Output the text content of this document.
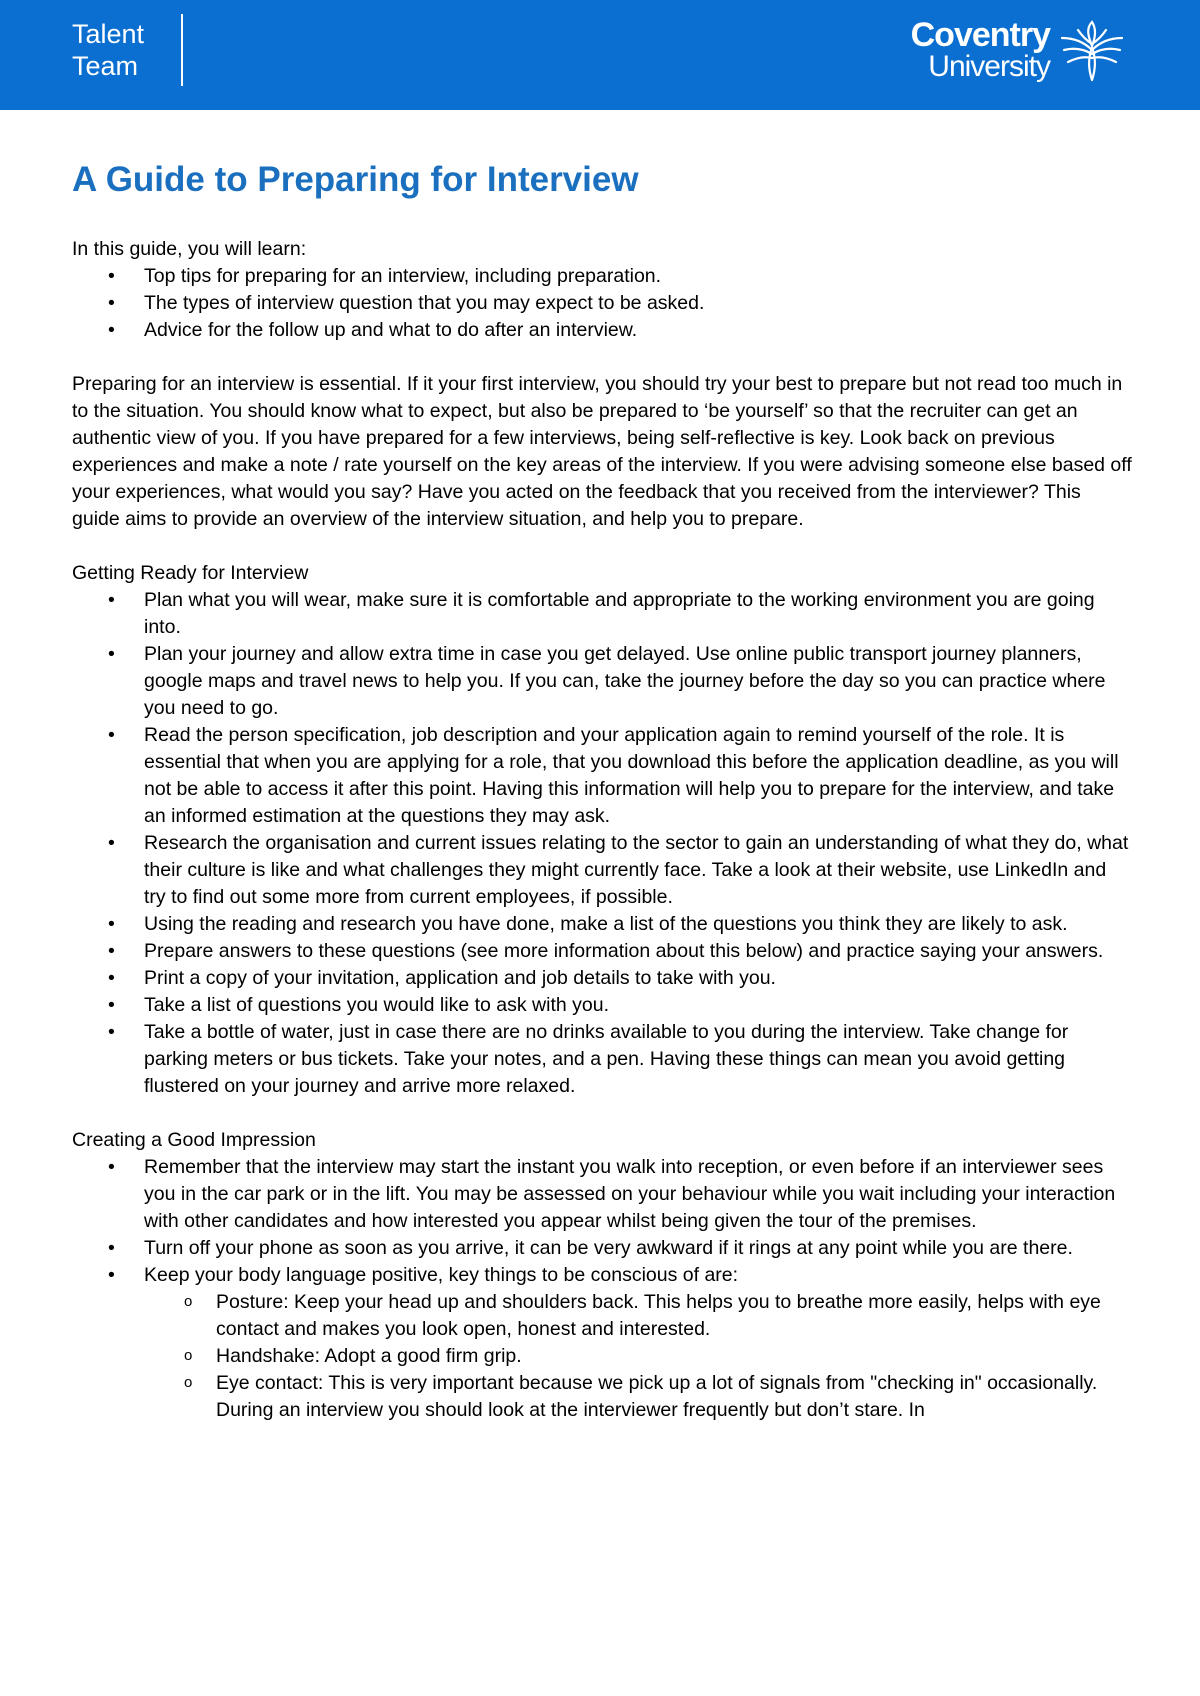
Talent
Team
Coventry
University
A Guide to Preparing for Interview

In this guide, you will learn:

• Top tips for preparing for an interview, including preparation.
• The types of interview question that you may expect to be asked.
• Advice for the follow up and what to do after an interview.

Preparing for an interview is essential. If it your first interview, you should try your best to prepare but not read too much in to the situation. You should know what to expect, but also be prepared to ‘be yourself’ so that the recruiter can get an authentic view of you. If you have prepared for a few interviews, being self-reflective is key. Look back on previous experiences and make a note / rate yourself on the key areas of the interview. If you were advising someone else based off your experiences, what would you say? Have you acted on the feedback that you received from the interviewer? This guide aims to provide an overview of the interview situation, and help you to prepare.

Getting Ready for Interview

• Plan what you will wear, make sure it is comfortable and appropriate to the working environment you are going into.
• Plan your journey and allow extra time in case you get delayed. Use online public transport journey planners, google maps and travel news to help you. If you can, take the journey before the day so you can practice where you need to go.
• Read the person specification, job description and your application again to remind yourself of the role. It is essential that when you are applying for a role, that you download this before the application deadline, as you will not be able to access it after this point. Having this information will help you to prepare for the interview, and take an informed estimation at the questions they may ask.
• Research the organisation and current issues relating to the sector to gain an understanding of what they do, what their culture is like and what challenges they might currently face. Take a look at their website, use LinkedIn and try to find out some more from current employees, if possible.
• Using the reading and research you have done, make a list of the questions you think they are likely to ask.
• Prepare answers to these questions (see more information about this below) and practice saying your answers.
• Print a copy of your invitation, application and job details to take with you.
• Take a list of questions you would like to ask with you.
• Take a bottle of water, just in case there are no drinks available to you during the interview. Take change for parking meters or bus tickets. Take your notes, and a pen. Having these things can mean you avoid getting flustered on your journey and arrive more relaxed.

Creating a Good Impression

• Remember that the interview may start the instant you walk into reception, or even before if an interviewer sees you in the car park or in the lift. You may be assessed on your behaviour while you wait including your interaction with other candidates and how interested you appear whilst being given the tour of the premises.
• Turn off your phone as soon as you arrive, it can be very awkward if it rings at any point while you are there.
• Keep your body language positive, key things to be conscious of are:
o Posture: Keep your head up and shoulders back. This helps you to breathe more easily, helps with eye contact and makes you look open, honest and interested.
o Handshake: Adopt a good firm grip.
o Eye contact: This is very important because we pick up a lot of signals from "checking in" occasionally. During an interview you should look at the interviewer frequently but don’t stare. In
